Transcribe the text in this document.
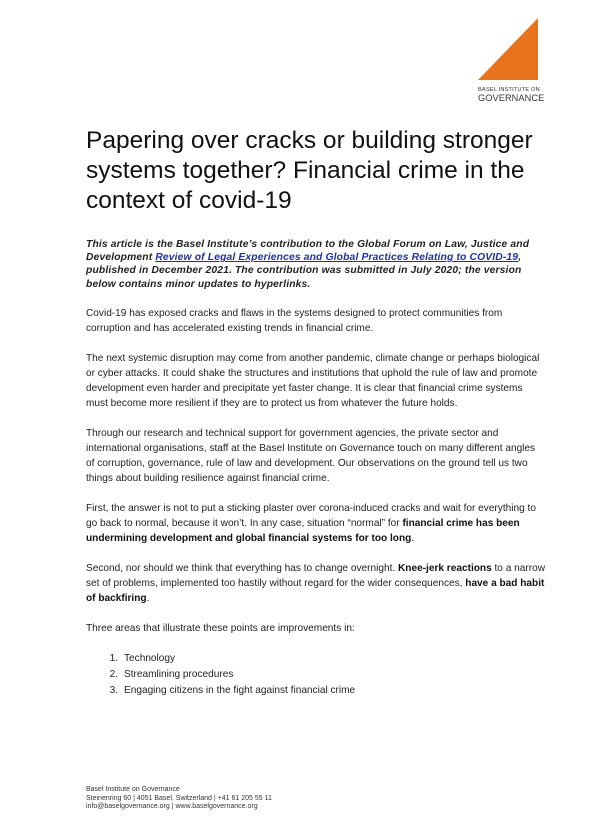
BASEL INSTITUTE ON
GOVERNANCE
Papering over cracks or building stronger systems together? Financial crime in the context of covid-19
This article is the Basel Institute’s contribution to the Global Forum on Law, Justice and Development Review of Legal Experiences and Global Practices Relating to COVID-19, published in December 2021. The contribution was submitted in July 2020; the version below contains minor updates to hyperlinks.

Covid-19 has exposed cracks and flaws in the systems designed to protect communities from corruption and has accelerated existing trends in financial crime.

The next systemic disruption may come from another pandemic, climate change or perhaps biological or cyber attacks. It could shake the structures and institutions that uphold the rule of law and promote development even harder and precipitate yet faster change. It is clear that financial crime systems must become more resilient if they are to protect us from whatever the future holds.

Through our research and technical support for government agencies, the private sector and international organisations, staff at the Basel Institute on Governance touch on many different angles of corruption, governance, rule of law and development. Our observations on the ground tell us two things about building resilience against financial crime.

First, the answer is not to put a sticking plaster over corona-induced cracks and wait for everything to go back to normal, because it won’t. In any case, situation “normal” for financial crime has been undermining development and global financial systems for too long.

Second, nor should we think that everything has to change overnight. Knee-jerk reactions to a narrow set of problems, implemented too hastily without regard for the wider consequences, have a bad habit of backfiring.

Three areas that illustrate these points are improvements in:

1. Technology
2. Streamlining procedures
3. Engaging citizens in the fight against financial crime
Basel Institute on Governance
Steinenring 60 | 4051 Basel, Switzerland | +41 61 205 55 11
info@baselgovernance.org | www.baselgovernance.org
